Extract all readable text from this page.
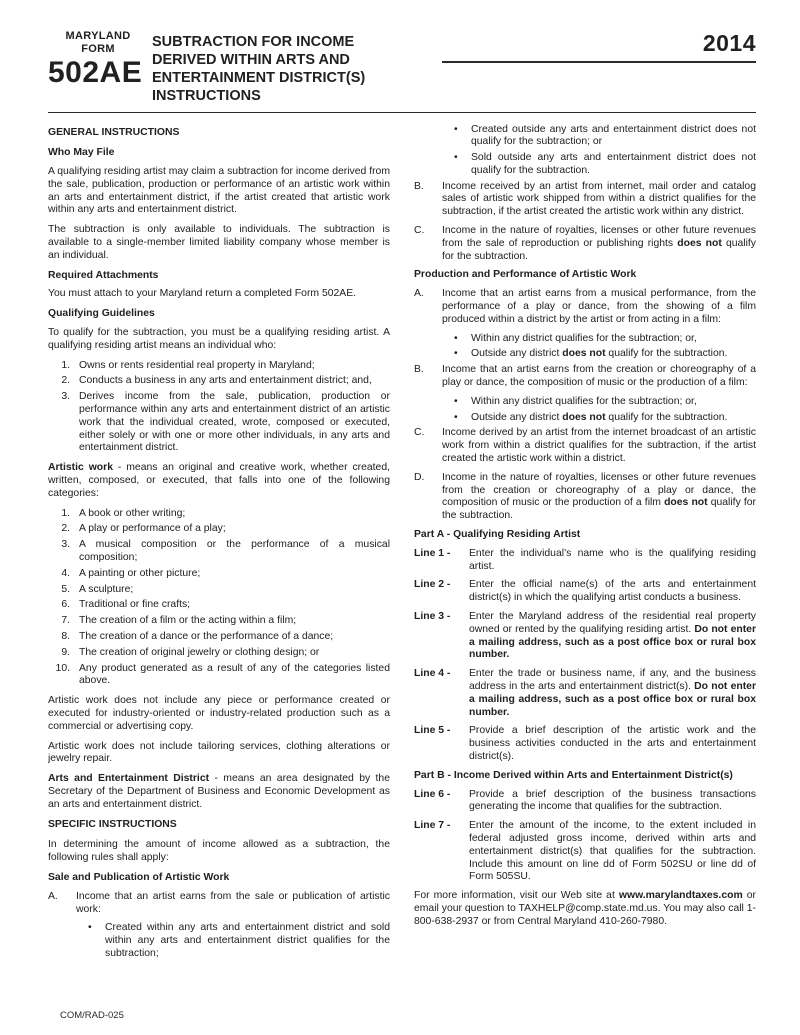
MARYLAND
FORM
502AE
SUBTRACTION FOR INCOME DERIVED WITHIN ARTS AND ENTERTAINMENT DISTRICT(S) INSTRUCTIONS
2014
GENERAL INSTRUCTIONS
Who May File

A qualifying residing artist may claim a subtraction for income derived from the sale, publication, production or performance of an artistic work within an arts and entertainment district, if the artist created that artistic work within any arts and entertainment district.

The subtraction is only available to individuals. The subtraction is available to a single-member limited liability company whose member is an individual.

Required Attachments

You must attach to your Maryland return a completed Form 502AE.

Qualifying Guidelines

To qualify for the subtraction, you must be a qualifying residing artist. A qualifying residing artist means an individual who:

1. Owns or rents residential real property in Maryland;
2. Conducts a business in any arts and entertainment district; and,
3. Derives income from the sale, publication, production or performance within any arts and entertainment district of an artistic work that the individual created, wrote, composed or executed, either solely or with one or more other individuals, in any arts and entertainment district.

Artistic work - means an original and creative work, whether created, written, composed, or executed, that falls into one of the following categories:

1. A book or other writing;
2. A play or performance of a play;
3. A musical composition or the performance of a musical composition;
4. A painting or other picture;
5. A sculpture;
6. Traditional or fine crafts;
7. The creation of a film or the acting within a film;
8. The creation of a dance or the performance of a dance;
9. The creation of original jewelry or clothing design; or
10. Any product generated as a result of any of the categories listed above.

Artistic work does not include any piece or performance created or executed for industry-oriented or industry-related production such as a commercial or advertising copy.

Artistic work does not include tailoring services, clothing alterations or jewelry repair.

Arts and Entertainment District - means an area designated by the Secretary of the Department of Business and Economic Development as an arts and entertainment district.

SPECIFIC INSTRUCTIONS

In determining the amount of income allowed as a subtraction, the following rules shall apply:

Sale and Publication of Artistic Work
A.	Income that an artist earns from the sale or publication of artistic work:
•	Created within any arts and entertainment district and sold within any arts and entertainment district qualifies for the subtraction;
•	Created outside any arts and entertainment district does not qualify for the subtraction; or
•	Sold outside any arts and entertainment district does not qualify for the subtraction.
B.	Income received by an artist from internet, mail order and catalog sales of artistic work shipped from within a district qualifies for the subtraction, if the artist created the artistic work within any district.
C.	Income in the nature of royalties, licenses or other future revenues from the sale of reproduction or publishing rights does not qualify for the subtraction.
Production and Performance of Artistic Work
A.	Income that an artist earns from a musical performance, from the performance of a play or dance, from the showing of a film produced within a district by the artist or from acting in a film:
•	Within any district qualifies for the subtraction; or,
•	Outside any district does not qualify for the subtraction.
B.	Income that an artist earns from the creation or choreography of a play or dance, the composition of music or the production of a film:
•	Within any district qualifies for the subtraction; or,
•	Outside any district does not qualify for the subtraction.
C.	Income derived by an artist from the internet broadcast of an artistic work from within a district qualifies for the subtraction, if the artist created the artistic work within a district.
D.	Income in the nature of royalties, licenses or other future revenues from the creation or choreography of a play or dance, the composition of music or the production of a film does not qualify for the subtraction.
Part A - Qualifying Residing Artist
Line 1 -	Enter the individual’s name who is the qualifying residing artist.
Line 2 -	Enter the official name(s) of the arts and entertainment district(s) in which the qualifying artist conducts a business.
Line 3 -	Enter the Maryland address of the residential real property owned or rented by the qualifying residing artist. Do not enter a mailing address, such as a post office box or rural box number.
Line 4 -	Enter the trade or business name, if any, and the business address in the arts and entertainment district(s). Do not enter a mailing address, such as a post office box or rural box number.
Line 5 -	Provide a brief description of the artistic work and the business activities conducted in the arts and entertainment district(s).
Part B - Income Derived within Arts and Entertainment District(s)
Line 6 -	Provide a brief description of the business transactions generating the income that qualifies for the subtraction.
Line 7 -	Enter the amount of the income, to the extent included in federal adjusted gross income, derived within arts and entertainment district(s) that qualifies for the subtraction. Include this amount on line dd of Form 502SU or line dd of Form 505SU.

For more information, visit our Web site at www.marylandtaxes.com or email your question to TAXHELP@comp.state.md.us. You may also call 1-800-638-2937 or from Central Maryland 410-260-7980.

COM/RAD-025
